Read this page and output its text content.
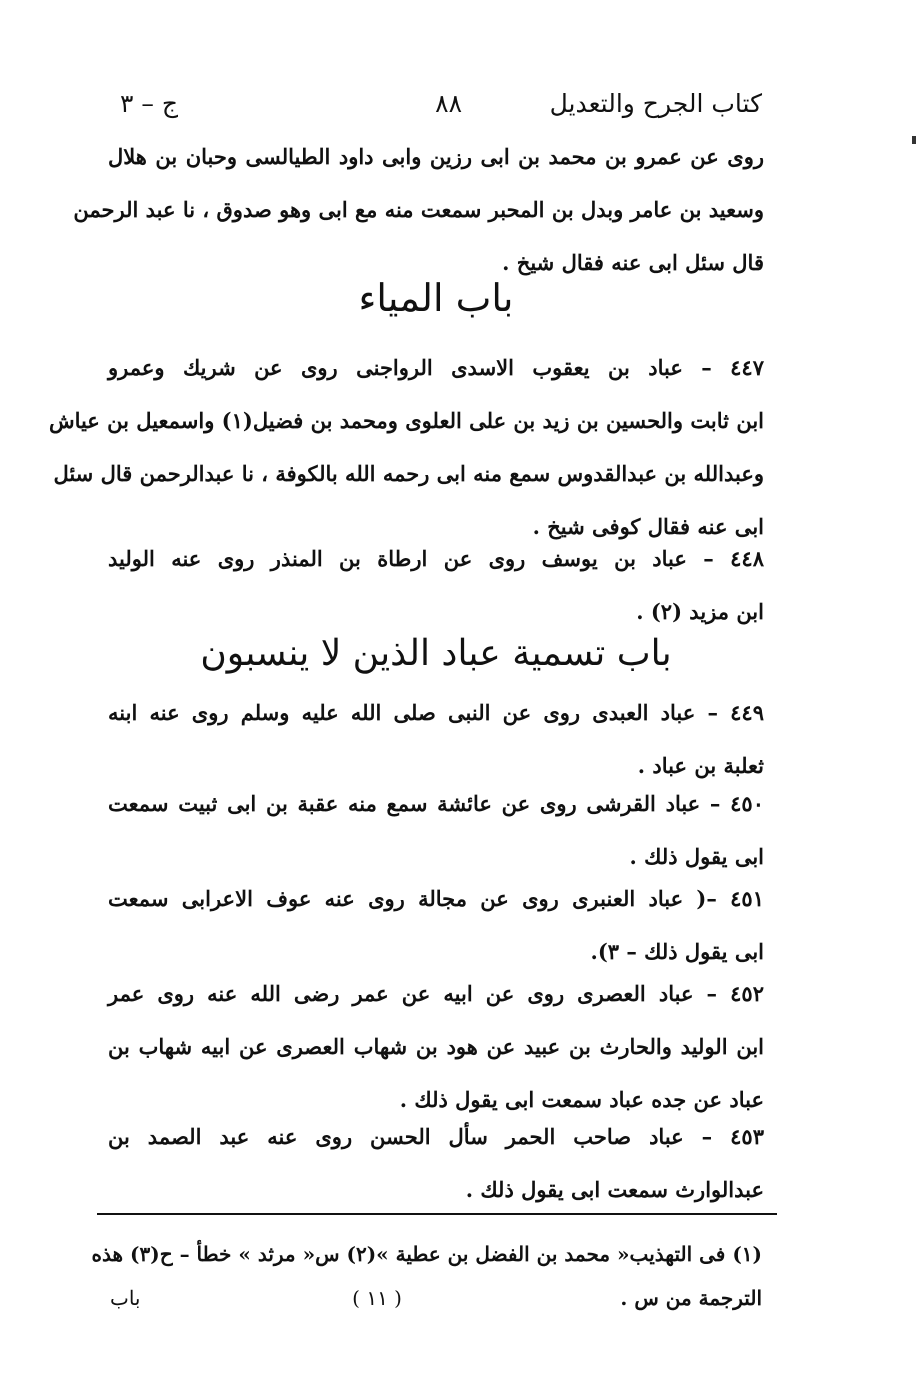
كتاب الجرح والتعديل
٨٨
ج – ٣
روى عن عمرو بن محمد بن ابى رزين وابى داود الطيالسى وحبان بن هلال
وسعيد بن عامر وبدل بن المحبر سمعت منه مع ابى وهو صدوق ، نا عبد الرحمن
قال سئل ابى عنه فقال شيخ .
باب المياء
٤٤٧ – عباد بن يعقوب الاسدى الرواجنى روى عن شريك وعمرو
ابن ثابت والحسين بن زيد بن على العلوى ومحمد بن فضيل(١) واسمعيل بن عياش
وعبدالله بن عبدالقدوس سمع منه ابى رحمه الله بالكوفة ، نا عبدالرحمن قال سئل
ابى عنه فقال كوفى شيخ .
٤٤٨ – عباد بن يوسف روى عن ارطاة بن المنذر روى عنه الوليد
ابن مزيد (٢) .
باب تسمية عباد الذين لا ينسبون
٤٤٩ – عباد العبدى روى عن النبى صلى الله عليه وسلم روى عنه ابنه
ثعلبة بن عباد .
٤٥٠ – عباد القرشى روى عن عائشة سمع منه عقبة بن ابى ثبيت سمعت
ابى يقول ذلك .
٤٥١ –( عباد العنبرى روى عن مجالة روى عنه عوف الاعرابى سمعت
ابى يقول ذلك – ٣).
٤٥٢ – عباد العصرى روى عن ابيه عن عمر رضى الله عنه روى عمر
ابن الوليد والحارث بن عبيد عن هود بن شهاب العصرى عن ابيه شهاب بن
عباد عن جده عباد سمعت ابى يقول ذلك .
٤٥٣ – عباد صاحب الحمر سأل الحسن روى عنه عبد الصمد بن
عبدالوارث سمعت ابى يقول ذلك .
(١) فى التهذيب« محمد بن الفضل بن عطية »(٢) س« مرثد » خطأ – ح(٣) هذه
الترجمة من س .
( ١١ )
باب
